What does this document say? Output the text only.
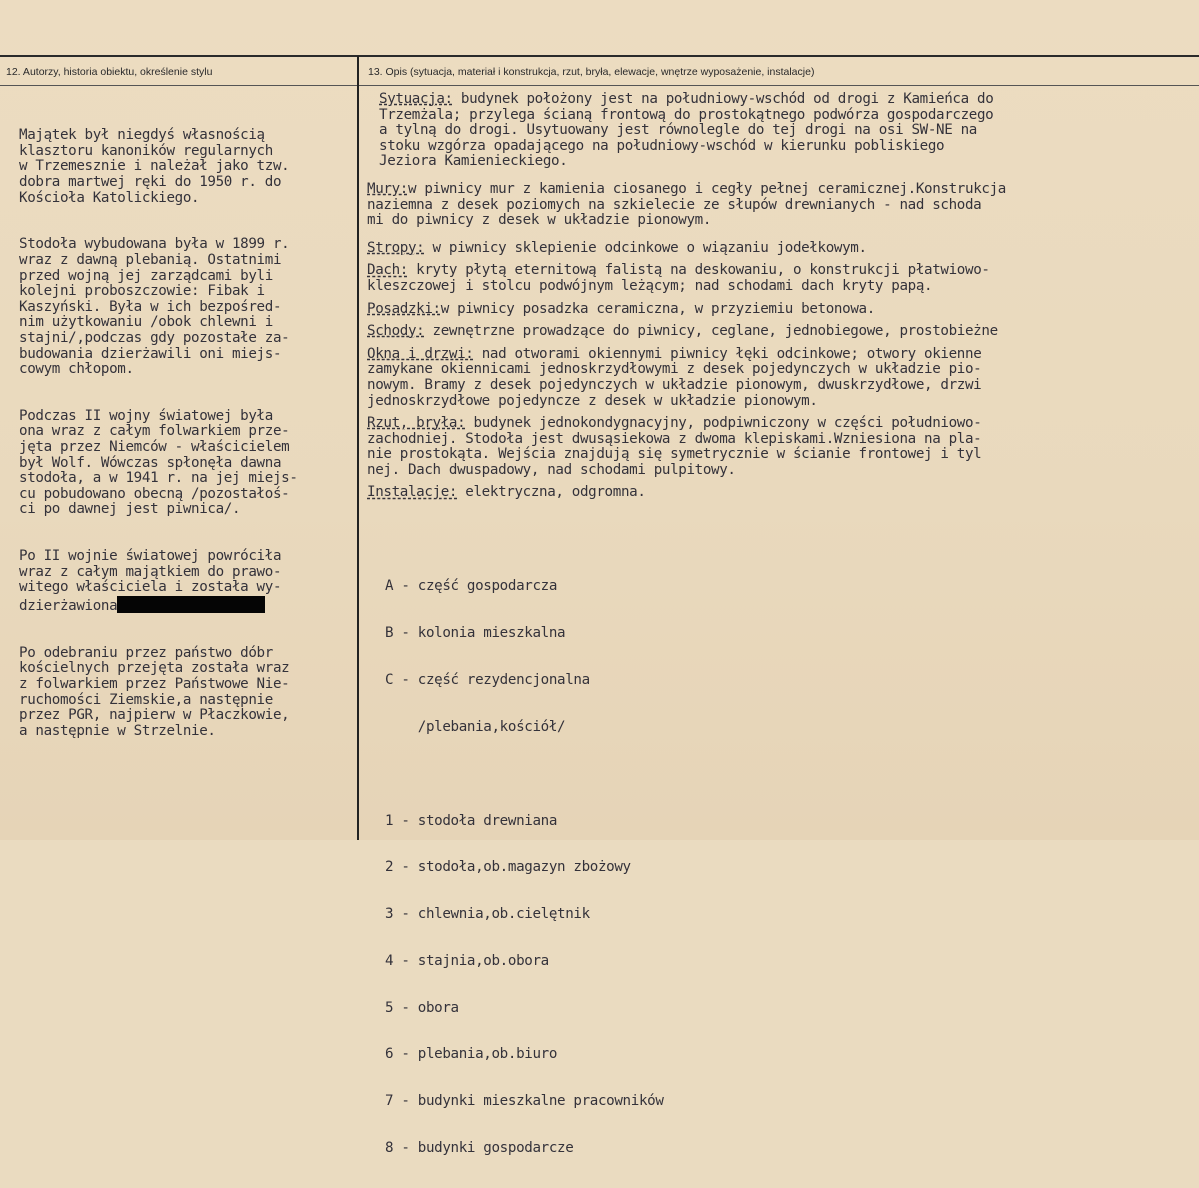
12. Autorzy, historia obiektu, określenie stylu	13. Opis (sytuacja, materiał i konstrukcja, rzut, bryła, elewacje, wnętrze wyposażenie, instalacje)

Majątek był niegdyś własnością
klasztoru kanoników regularnych
w Trzemesznie i należał jako tzw.
dobra martwej ręki do 1950 r. do
Kościoła Katolickiego.

Stodoła wybudowana była w 1899 r.
wraz z dawną plebanią. Ostatnimi
przed wojną jej zarządcami byli
kolejni proboszczowie: Fibak i
Kaszyński. Była w ich bezpośred-
nim użytkowaniu /obok chlewni i
stajni/,podczas gdy pozostałe za-
budowania dzierżawili oni miejs-
cowym chłopom.

Podczas II wojny światowej była
ona wraz z całym folwarkiem prze-
jęta przez Niemców - właścicielem
był Wolf. Wówczas spłonęła dawna
stodoła, a w 1941 r. na jej miejs-
cu pobudowano obecną /pozostałoś-
ci po dawnej jest piwnica/.

Po II wojnie światowej powróciła
wraz z całym majątkiem do prawo-
witego właściciela i została wy-
dzierżawiona

Po odebraniu przez państwo dóbr
kościelnych przejęta została wraz
z folwarkiem przez Państwowe Nie-
ruchomości Ziemskie,a następnie
przez PGR, najpierw w Płaczkowie,
a następnie w Strzelnie.

Sytuacja: budynek położony jest na południowy-wschód od drogi z Kamieńca do
Trzemżala; przylega ścianą frontową do prostokątnego podwórza gospodarczego
a tylną do drogi. Usytuowany jest równolegle do tej drogi na osi SW-NE na
stoku wzgórza opadającego na południowy-wschód w kierunku pobliskiego
Jeziora Kamienieckiego.
Mury:w piwnicy mur z kamienia ciosanego i cegły pełnej ceramicznej.Konstrukcja
naziemna z desek poziomych na szkielecie ze słupów drewnianych - nad schoda
mi do piwnicy z desek w układzie pionowym.
Stropy: w piwnicy sklepienie odcinkowe o wiązaniu jodełkowym.
Dach: kryty płytą eternitową falistą na deskowaniu, o konstrukcji płatwiowo-
kleszczowej i stolcu podwójnym leżącym; nad schodami dach kryty papą.
Posadzki:w piwnicy posadzka ceramiczna, w przyziemiu betonowa.
Schody: zewnętrzne prowadzące do piwnicy, ceglane, jednobiegowe, prostobieżne
Okna i drzwi: nad otworami okiennymi piwnicy łęki odcinkowe; otwory okienne
zamykane okiennicami jednoskrzydłowymi z desek pojedynczych w układzie pio-
nowym. Bramy z desek pojedynczych w układzie pionowym, dwuskrzydłowe, drzwi
jednoskrzydłowe pojedyncze z desek w układzie pionowym.
Rzut, bryła: budynek jednokondygnacyjny, podpiwniczony w części południowo-
zachodniej. Stodoła jest dwusąsiekowa z dwoma klepiskami.Wzniesiona na pla-
nie prostokąta. Wejścia znajdują się symetrycznie w ścianie frontowej i tyl
nej. Dach dwuspadowy, nad schodami pulpitowy.
Instalacje: elektryczna, odgromna.

A - część gospodarcza

B - kolonia mieszkalna

C - część rezydencjonalna

/plebania,kościół/

1 - stodoła drewniana

2 - stodoła,ob.magazyn zbożowy

3 - chlewnia,ob.cielętnik

4 - stajnia,ob.obora

5 - obora

6 - plebania,ob.biuro

7 - budynki mieszkalne pracowników

8 - budynki gospodarcze
